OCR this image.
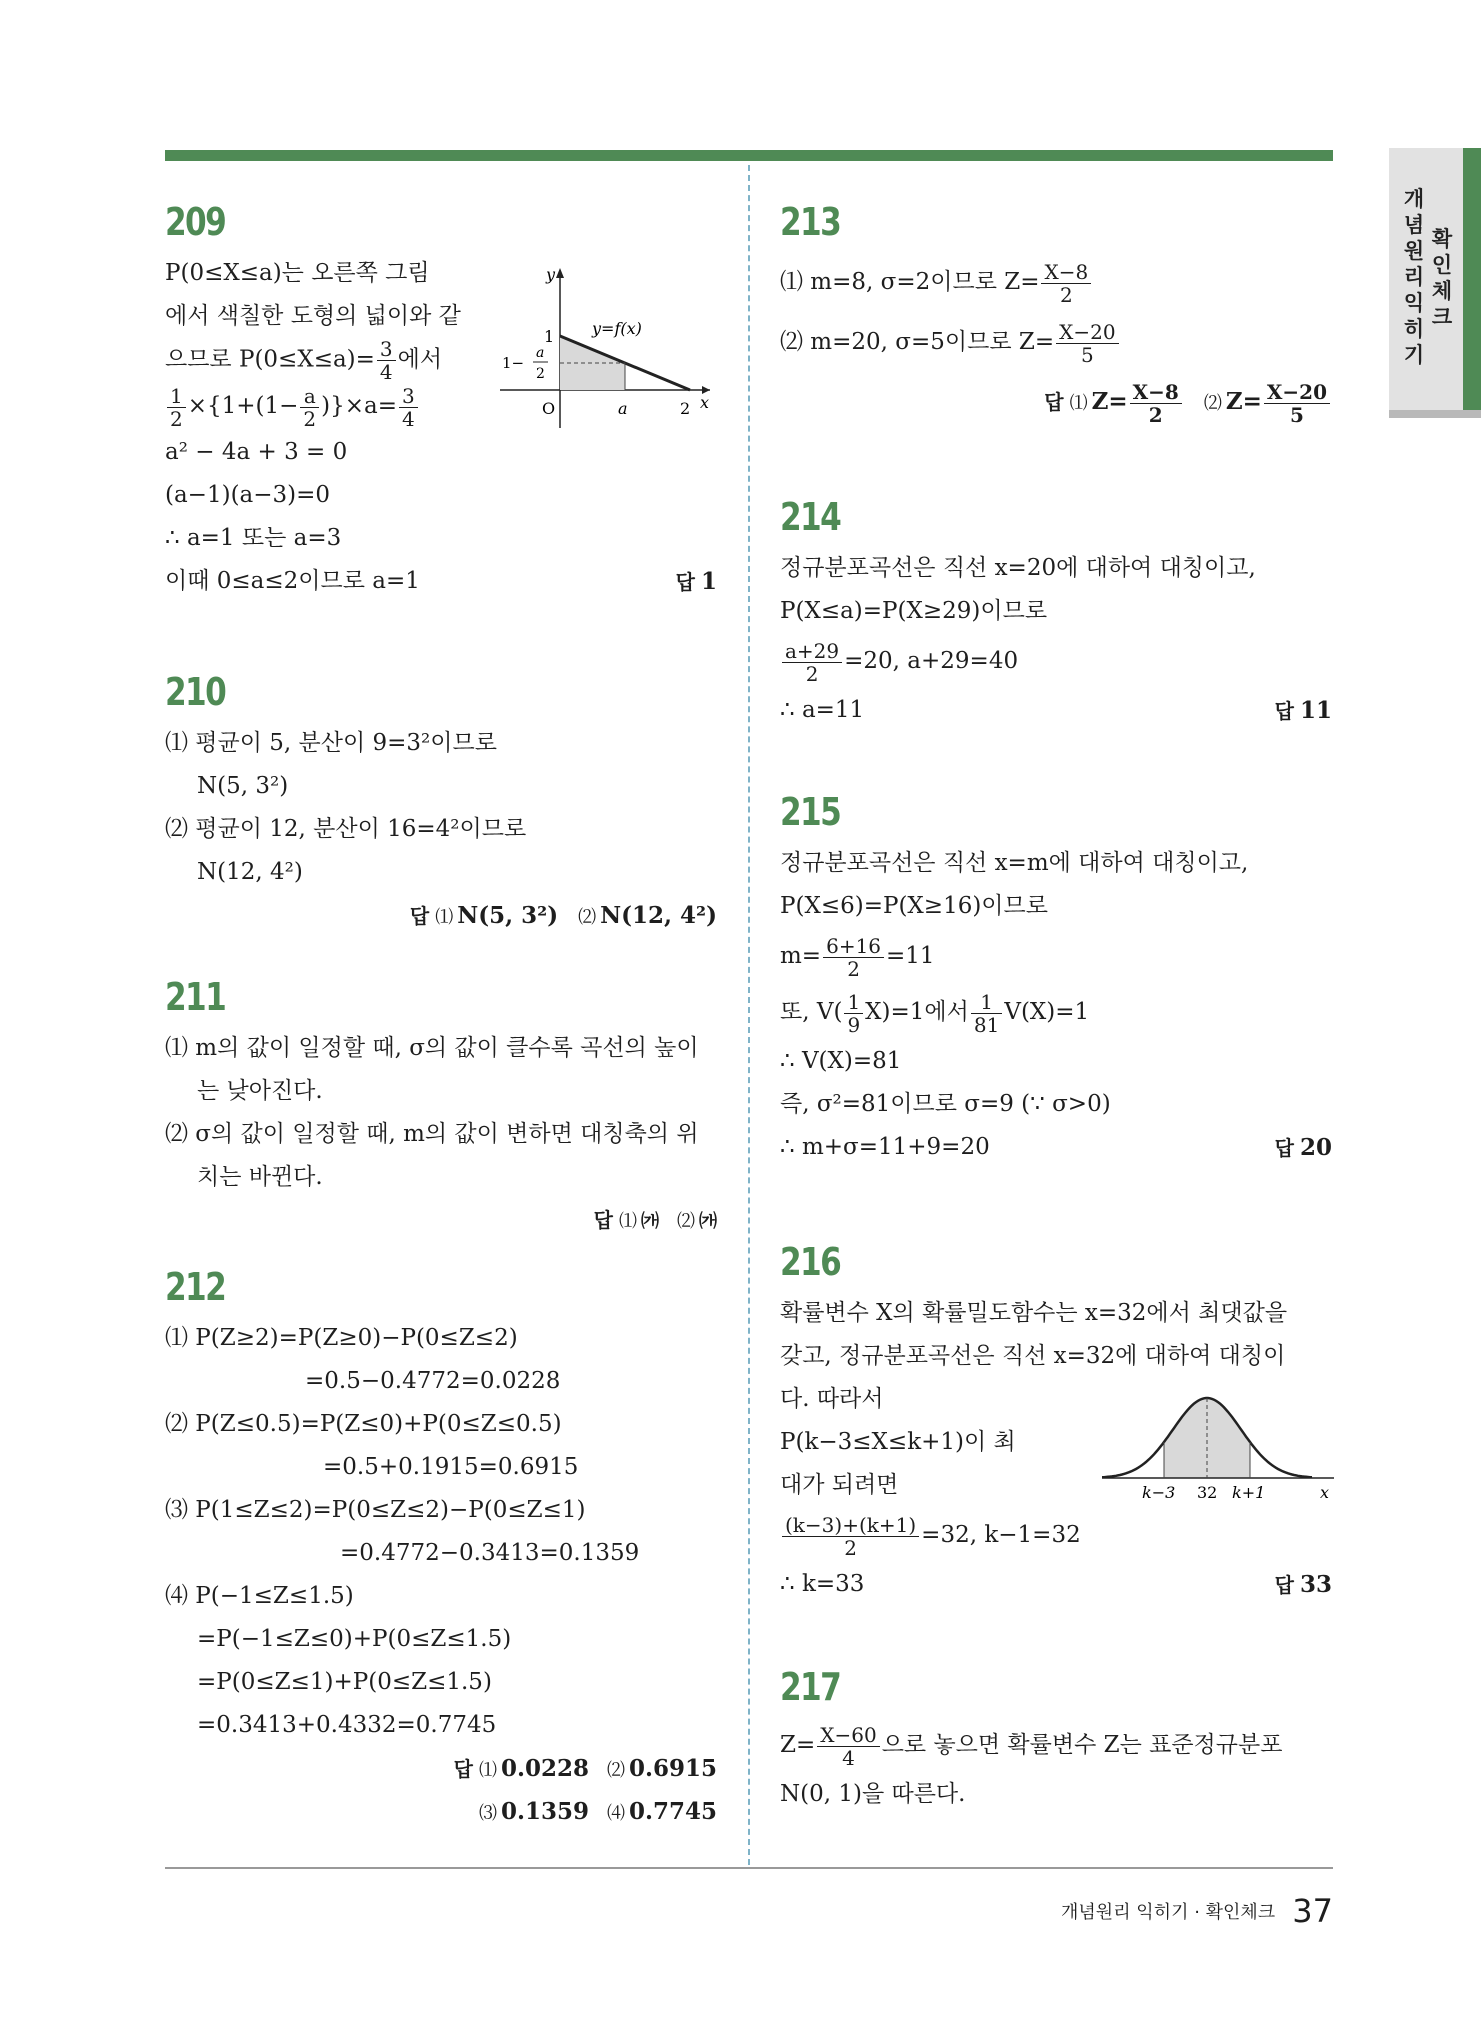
개념원리 익히기
확인체크
209
P(0≤X≤a)는 오른쪽 그림
에서 색칠한 도형의 넓이와 같
으므로 $P(0\le X\le a)= \frac{3}{4}$ 에서
$\frac{1}{2} \times\{1+(1- \frac{a}{2} )\}\times a= \frac{3}{4}$
a² − 4a + 3 = 0
(a−1)(a−3)=0
∴ a=1 또는 a=3
이때 0≤a≤2이므로 a=1	답 1
y
x
1
O	a	2
y=f(x)
1−
a
2
210
⑴ 평균이 5, 분산이 9=3²이므로
N(5, 3²)
⑵ 평균이 12, 분산이 16=4²이므로
N(12, 4²)
답 ⑴ N(5, 3²) ⑵ N(12, 4²)
211
⑴ m의 값이 일정할 때, σ의 값이 클수록 곡선의 높이
는 낮아진다.
⑵ σ의 값이 일정할 때, m의 값이 변하면 대칭축의 위
치는 바뀐다.
답 ⑴ ㈎ ⑵ ㈎
212
⑴ P(Z≥2)=P(Z≥0)−P(0≤Z≤2)
=0.5−0.4772=0.0228
⑵ P(Z≤0.5)=P(Z≤0)+P(0≤Z≤0.5)
=0.5+0.1915=0.6915
⑶ P(1≤Z≤2)=P(0≤Z≤2)−P(0≤Z≤1)
=0.4772−0.3413=0.1359
⑷ P(−1≤Z≤1.5)
=P(−1≤Z≤0)+P(0≤Z≤1.5)
=P(0≤Z≤1)+P(0≤Z≤1.5)
=0.3413+0.4332=0.7745
답 ⑴ 0.0228 ⑵ 0.6915
⑶ 0.1359 ⑷ 0.7745
213
⑴ m=8, σ=2이므로 $Z= \frac{X-8}{2}$
⑵ m=20, σ=5이므로 $Z= \frac{X-20}{5}$
답 ⑴ $Z= \frac{X-8}{2}$ ⑵ $Z= \frac{X-20}{5}$
214
정규분포곡선은 직선 x=20에 대하여 대칭이고,
P(X≤a)=P(X≥29)이므로
$\frac{a+29}{2} =20$, a+29=40
∴ a=11	답 11
215
정규분포곡선은 직선 x=m에 대하여 대칭이고,
P(X≤6)=P(X≥16)이므로
$m= \frac{6+16}{2} =11$
또, $V( \frac{1}{9} X)=1$에서 $\frac{1}{81} V(X)=1$
∴ V(X)=81
즉, σ²=81이므로 σ=9 (∵ σ>0)
∴ m+σ=11+9=20	답 20
216
확률변수 X의 확률밀도함수는 x=32에서 최댓값을
갖고, 정규분포곡선은 직선 x=32에 대하여 대칭이
다. 따라서
P(k−3≤X≤k+1)이 최
대가 되려면
$\frac{(k-3)+(k+1)}{2} =32$, k−1=32
∴ k=33	답 33
k−3 32 k+1	x
217
$Z= \frac{X-60}{4}$ 으로 놓으면 확률변수 Z는 표준정규분포
N(0, 1)을 따른다.
개념원리 익히기 · 확인체크 37
